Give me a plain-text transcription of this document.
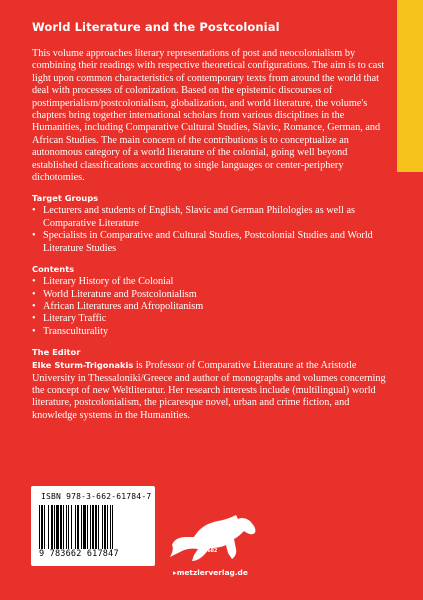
World Literature and the Postcolonial

This volume approaches literary representations of post and neocolonialism by combining their readings with respective theoretical configurations. The aim is to cast light upon common characteristics of contemporary texts from around the world that deal with processes of colonization. Based on the epistemic discourses of postimperialism/postcolonialism, globalization, and world literature, the volume's chapters bring together international scholars from various disciplines in the Humanities, including Comparative Cultural Studies, Slavic, Romance, German, and African Studies. The main concern of the contributions is to conceptualize an autonomous category of a world literature of the colonial, going well beyond established classifications according to single languages or center-periphery dichotomies.

Target Groups
• Lecturers and students of English, Slavic and German Philologies as well as Comparative Literature
• Specialists in Comparative and Cultural Studies, Postcolonial Studies and World Literature Studies
Contents
• Literary History of the Colonial
• World Literature and Postcolonialism
• African Literatures and Afropolitanism
• Literary Traffic
• Transculturality
The Editor

Elke Sturm-Trigonakis is Professor of Comparative Literature at the Aristotle University in Thessaloniki/Greece and author of monographs and volumes concerning the concept of new Weltliteratur. Her research interests include (multilingual) world literature, postcolonialism, the picaresque novel, urban and crime fiction, and knowledge systems in the Humanities.

ISBN 978-3-662-61784-7
9 783662 617847	1682
▸metzlerverlag.de
